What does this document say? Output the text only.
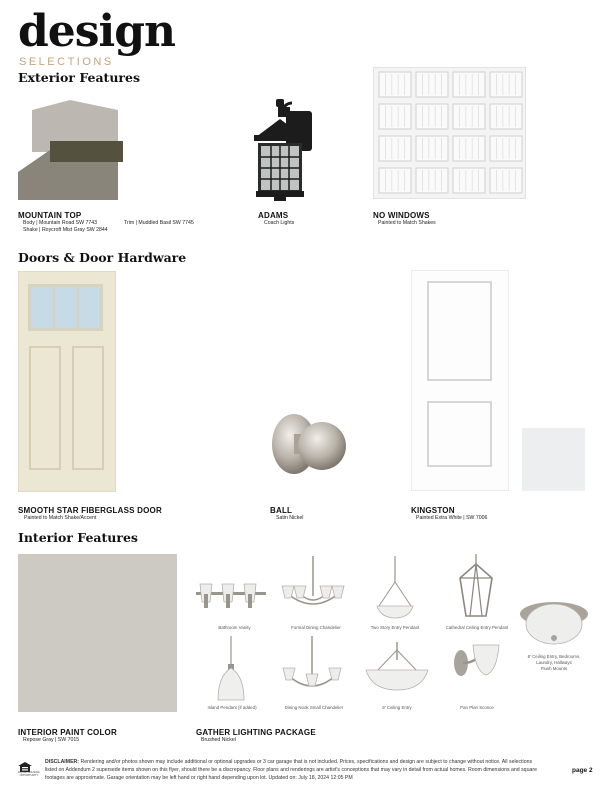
design
SELECTIONS
Exterior Features
MOUNTAIN TOP
Body | Mountain Road SW 7743
Shake | Roycroft Mist Gray SW 2844
Trim | Muddled Basil SW 7745
ADAMS
Coach Lights
NO WINDOWS
Painted to Match Shakes
Doors & Door Hardware
SMOOTH STAR FIBERGLASS DOOR
Painted to Match Shake/Accent
BALL
Satin Nickel
KINGSTON
Painted Extra White | SW 7006
Interior Features
Bathroom Vanity	Formal Dining Chandelier	Two Story Entry Pendant	Cathedral Ceiling Entry Pendant
8' Ceiling Entry, Bedrooms,
Laundry, Hallways
Flush Mounts
Island Pendant (if added)	Dining Nook Small Chandelier	9' Ceiling Entry	Pan Plan Sconce
INTERIOR PAINT COLOR
Repose Gray | SW 7015
GATHER LIGHTING PACKAGE
Brushed Nickel
EQUAL HOUSING OPPORTUNITY
DISCLAIMER: Rendering and/or photos shown may include additional or optional upgrades or 3 car garage that is not included. Prices, specifications and design are subject to change without notice. All selections
listed on Addendum 2 supersede items shown on this flyer, should there be a discrepancy. Floor plans and renderings are artist's conceptions that may vary in detail from actual homes. Room dimensions and square
footages are approximate. Garage orientation may be left hand or right hand depending upon lot. Updated on: July 18, 2024 12:05 PM
page 2
